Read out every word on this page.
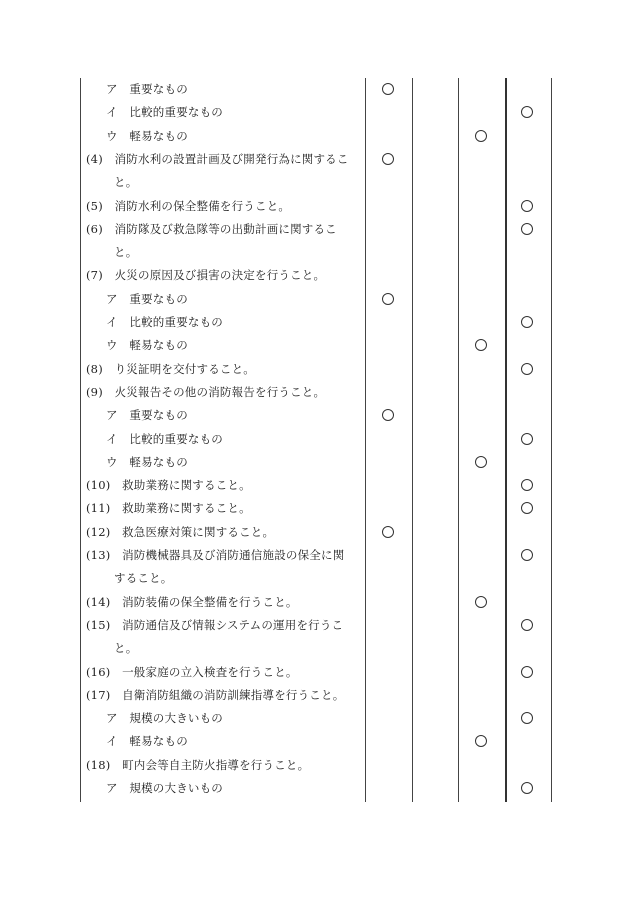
ア　重要なもの
イ　比較的重要なもの
ウ　軽易なもの
(4)　消防水利の設置計画及び開発行為に関するこ
と。
(5)　消防水利の保全整備を行うこと。
(6)　消防隊及び救急隊等の出動計画に関するこ
と。
(7)　火災の原因及び損害の決定を行うこと。
ア　重要なもの
イ　比較的重要なもの
ウ　軽易なもの
(8)　り災証明を交付すること。
(9)　火災報告その他の消防報告を行うこと。
ア　重要なもの
イ　比較的重要なもの
ウ　軽易なもの
(10)　救助業務に関すること。
(11)　救助業務に関すること。
(12)　救急医療対策に関すること。
(13)　消防機械器具及び消防通信施設の保全に関
すること。
(14)　消防装備の保全整備を行うこと。
(15)　消防通信及び情報システムの運用を行うこ
と。
(16)　一般家庭の立入検査を行うこと。
(17)　自衛消防組織の消防訓練指導を行うこと。
ア　規模の大きいもの
イ　軽易なもの
(18)　町内会等自主防火指導を行うこと。
ア　規模の大きいもの
